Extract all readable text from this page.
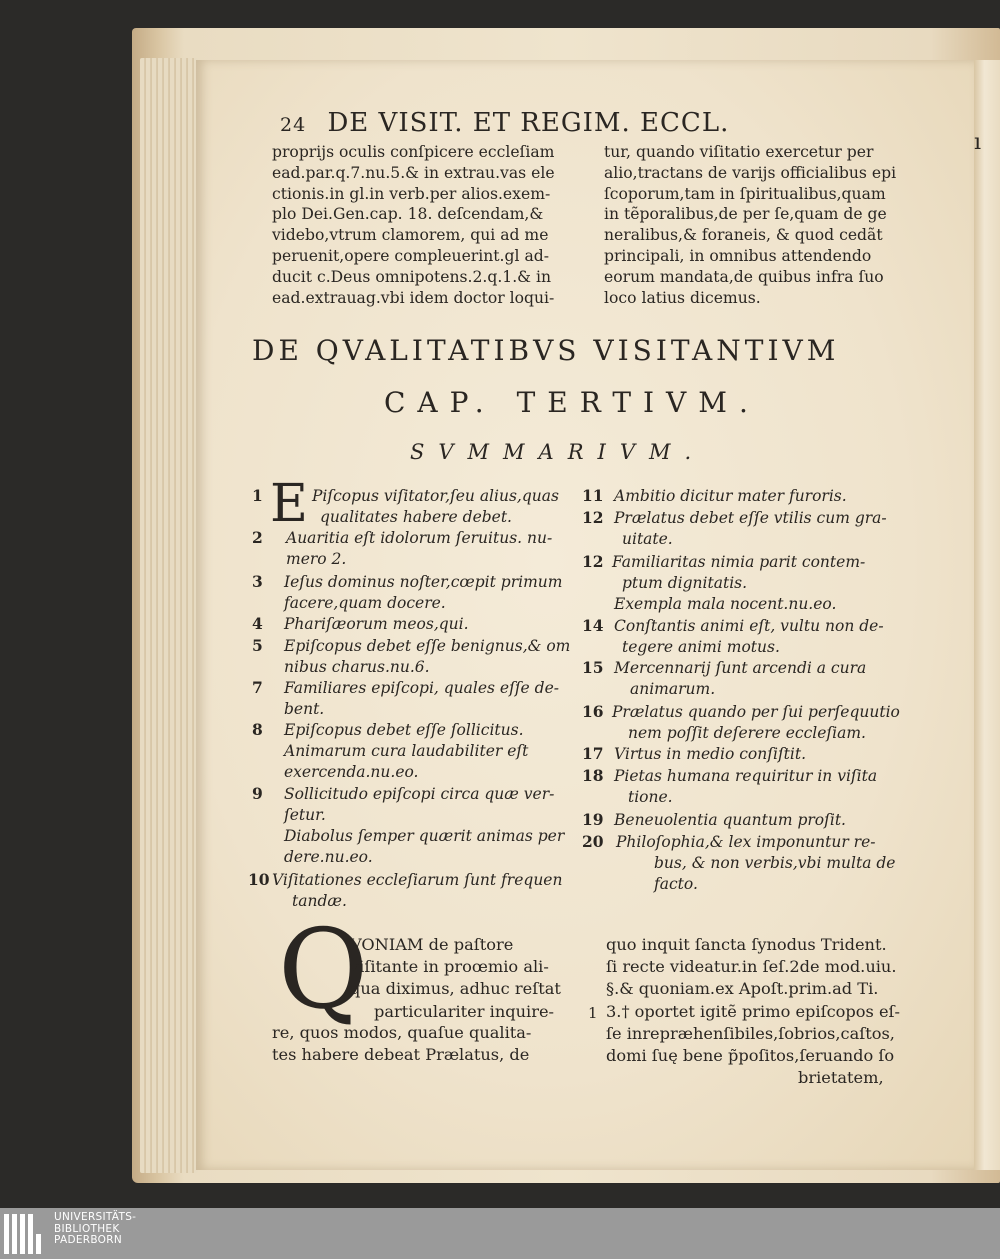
ı
24 DE VISIT. ET REGIM. ECCL.
proprijs oculis conſpicere eccleſiam
ead.par.q.7.nu.5.& in extrau.vas ele
ctionis.in gl.in verb.per alios.exem-
plo Dei.Gen.cap. 18. deſcendam,&
videbo,vtrum clamorem, qui ad me
peruenit,opere compleuerint.gl ad-
ducit c.Deus omnipotens.2.q.1.& in
ead.extrauag.vbi idem doctor loqui-
tur, quando viſitatio exercetur per
alio,tractans de varijs officialibus epi
ſcoporum,tam in ſpiritualibus,quam
in tẽporalibus,de per ſe,quam de ge
neralibus,& foraneis, & quod cedãt
principali, in omnibus attendendo
eorum mandata,de quibus infra ſuo
loco latius dicemus.
DE QVALITATIBVS VISITANTIVM
CAP. TERTIVM.
SVMMARIVM.
E
1	Piſcopus viſitator,ſeu alius,quas
qualitates habere debet.
2 Auaritia eſt idolorum ſeruitus. nu-
mero 2.
3 Ieſus dominus noſter,cœpit primum
facere,quam docere.
4 Phariſæorum meos,qui.
5 Epiſcopus debet eſſe benignus,& om
nibus charus.nu.6.
7 Familiares epiſcopi, quales eſſe de-
bent.
8 Epiſcopus debet eſſe ſollicitus.
Animarum cura laudabiliter eſt
exercenda.nu.eo.
9 Sollicitudo epiſcopi circa quæ ver-
ſetur.
Diabolus ſemper quærit animas per
dere.nu.eo.
10 Viſitationes eccleſiarum ſunt frequen
tandæ.
11 Ambitio dicitur mater furoris.
12 Prælatus debet eſſe vtilis cum gra-
uitate.
12 Familiaritas nimia parit contem-
ptum dignitatis.
Exempla mala nocent.nu.eo.
14 Conſtantis animi eſt, vultu non de-
tegere animi motus.
15 Mercennarij ſunt arcendi a cura
animarum.
16 Prælatus quando per ſui perſequutio
nem poſſit deſerere eccleſiam.
17 Virtus in medio conſiſtit.
18 Pietas humana requiritur in viſita
tione.
19 Beneuolentia quantum proſit.
20 Philoſophia,& lex imponuntur re-
bus, & non verbis,vbi multa de
facto.
Q
VONIAM de paſtore
viſitante in proœmio ali-
qua diximus, adhuc reſtat
particulariter inquire-
re, quos modos, quaſue qualita-
tes habere debeat Prælatus, de
1
quo inquit ſancta ſynodus Trident.
ſi recte videatur.in ſeſ.2de mod.uiu.
§.& quoniam.ex Apoſt.prim.ad Ti.
3.† oportet igitẽ primo epiſcopos eſ-
ſe inrepræhenſibiles,ſobrios,caſtos,
domi ſuę bene p̃poſitos,ſeruando ſo
brietatem,
UNIVERSITÄTS-
BIBLIOTHEK
PADERBORN
